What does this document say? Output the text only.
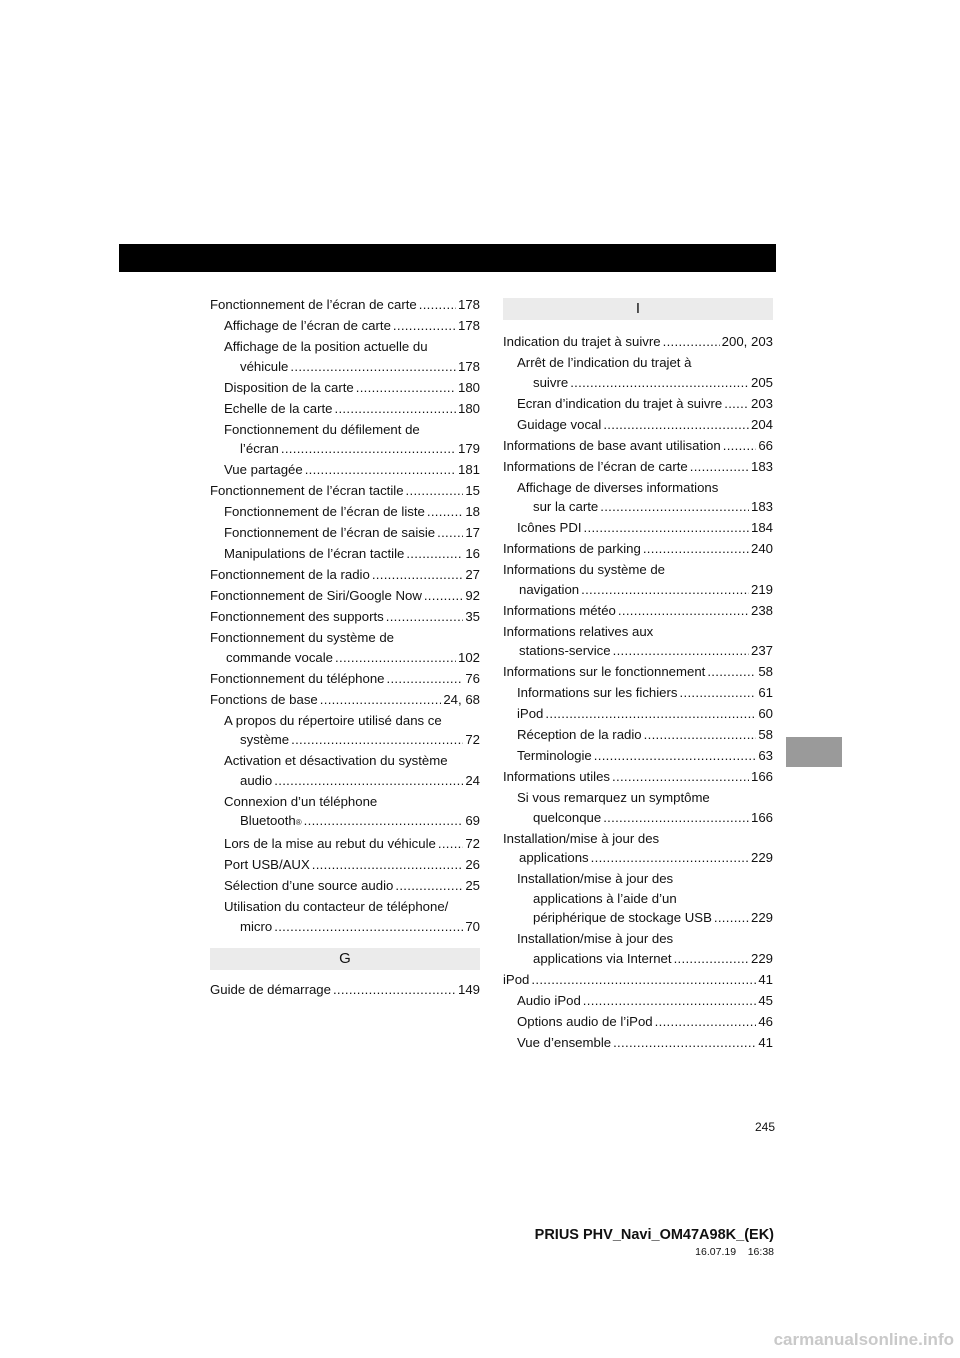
Fonctionnement de l’écran de carte .....	178
Affichage de l’écran de carte .....	178
Affichage de la position actuelle du
véhicule .....	178
Disposition de la carte .....	180
Echelle de la carte .....	180
Fonctionnement du défilement de
l’écran .....	179
Vue partagée .....	181
Fonctionnement de l’écran tactile .....	15
Fonctionnement de l’écran de liste .....	18
Fonctionnement de l’écran de saisie ..... 17
Manipulations de l’écran tactile .....	16
Fonctionnement de la radio .....	27
Fonctionnement de Siri/Google Now .....	92
Fonctionnement des supports .....	35
Fonctionnement du système de
commande vocale .....	102
Fonctionnement du téléphone .....	76
Fonctions de base .....	24, 68
A propos du répertoire utilisé dans ce
système .....	72
Activation et désactivation du système
audio .....	24
Connexion d’un téléphone
Bluetooth ® .....	69
Lors de la mise au rebut du véhicule ..... 72
Port USB/AUX .....	26
Sélection d’une source audio .....	25
Utilisation du contacteur de téléphone/
micro .....	70
G
Guide de démarrage .....	149
I
Indication du trajet à suivre .....	200, 203
Arrêt de l’indication du trajet à
suivre .....	205
Ecran d’indication du trajet à suivre ..... 203
Guidage vocal .....	204
Informations de base avant utilisation .....	66
Informations de l’écran de carte .....	183
Affichage de diverses informations
sur la carte .....	183
Icônes PDI .....	184
Informations de parking .....	240
Informations du système de
navigation .....	219
Informations météo .....	238
Informations relatives aux
stations-service .....	237
Informations sur le fonctionnement .....	58
Informations sur les fichiers .....	61
iPod .....	60
Réception de la radio .....	58
Terminologie .....	63
Informations utiles .....	166
Si vous remarquez un symptôme
quelconque .....	166
Installation/mise à jour des
applications .....	229
Installation/mise à jour des
applications à l’aide d’un
périphérique de stockage USB .....	229
Installation/mise à jour des
applications via Internet .....	229
iPod .....	41
Audio iPod .....	45
Options audio de l’iPod .....	46
Vue d’ensemble .....	41
245
PRIUS PHV_Navi_OM47A98K_(EK)
16.07.19 16:38
carmanualsonline.info
